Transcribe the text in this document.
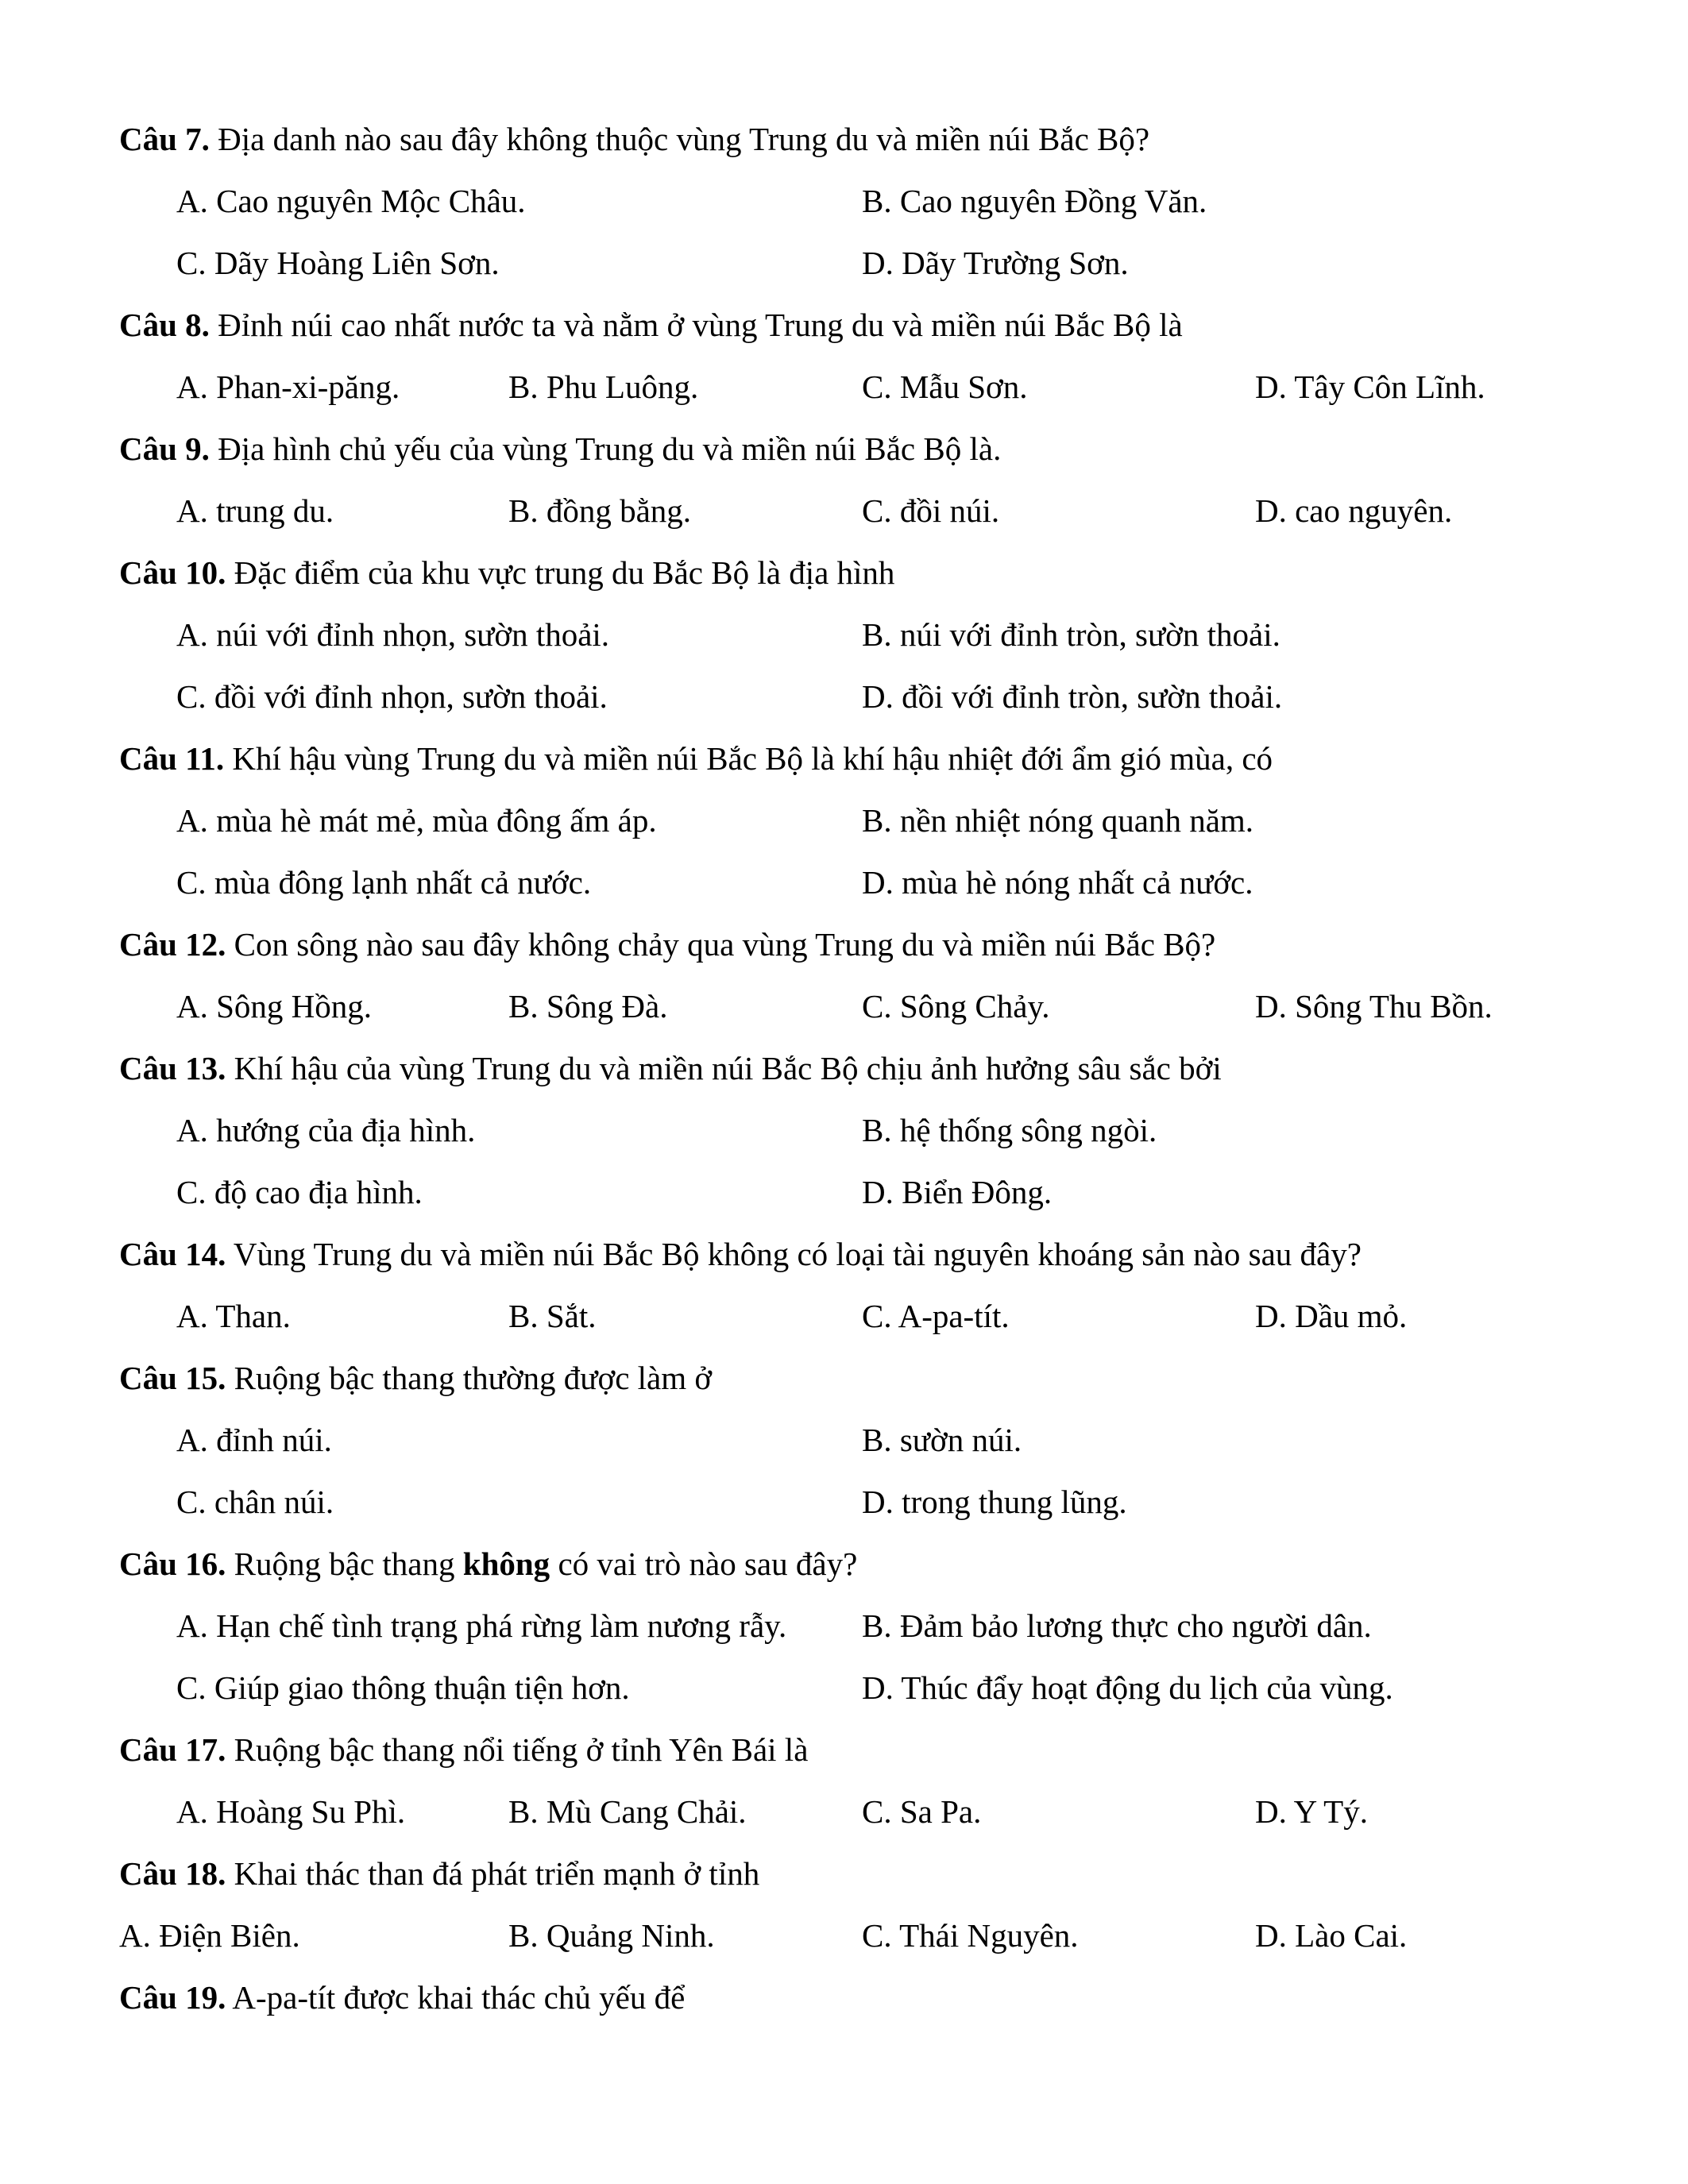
Câu 7. Địa danh nào sau đây không thuộc vùng Trung du và miền núi Bắc Bộ?
A. Cao nguyên Mộc Châu.	B. Cao nguyên Đồng Văn.
C. Dãy Hoàng Liên Sơn.	D. Dãy Trường Sơn.
Câu 8. Đỉnh núi cao nhất nước ta và nằm ở vùng Trung du và miền núi Bắc Bộ là
A. Phan-xi-păng.	B. Phu Luông.	C. Mẫu Sơn.	D. Tây Côn Lĩnh.
Câu 9. Địa hình chủ yếu của vùng Trung du và miền núi Bắc Bộ là.
A. trung du.	B. đồng bằng.	C. đồi núi.	D. cao nguyên.
Câu 10. Đặc điểm của khu vực trung du Bắc Bộ là địa hình
A. núi với đỉnh nhọn, sườn thoải.	B. núi với đỉnh tròn, sườn thoải.
C. đồi với đỉnh nhọn, sườn thoải.	D. đồi với đỉnh tròn, sườn thoải.
Câu 11. Khí hậu vùng Trung du và miền núi Bắc Bộ là khí hậu nhiệt đới ẩm gió mùa, có
A. mùa hè mát mẻ, mùa đông ấm áp.	B. nền nhiệt nóng quanh năm.
C. mùa đông lạnh nhất cả nước.	D. mùa hè nóng nhất cả nước.
Câu 12. Con sông nào sau đây không chảy qua vùng Trung du và miền núi Bắc Bộ?
A. Sông Hồng.	B. Sông Đà.	C. Sông Chảy.	D. Sông Thu Bồn.
Câu 13. Khí hậu của vùng Trung du và miền núi Bắc Bộ chịu ảnh hưởng sâu sắc bởi
A. hướng của địa hình.	B. hệ thống sông ngòi.
C. độ cao địa hình.	D. Biển Đông.
Câu 14. Vùng Trung du và miền núi Bắc Bộ không có loại tài nguyên khoáng sản nào sau đây?
A. Than.	B. Sắt.	C. A-pa-tít.	D. Dầu mỏ.
Câu 15. Ruộng bậc thang thường được làm ở
A. đỉnh núi.	B. sườn núi.
C. chân núi.	D. trong thung lũng.
Câu 16. Ruộng bậc thang không có vai trò nào sau đây?
A. Hạn chế tình trạng phá rừng làm nương rẫy. B. Đảm bảo lương thực cho người dân.
C. Giúp giao thông thuận tiện hơn.	D. Thúc đẩy hoạt động du lịch của vùng.
Câu 17. Ruộng bậc thang nổi tiếng ở tỉnh Yên Bái là
A. Hoàng Su Phì.	B. Mù Cang Chải.	C. Sa Pa.	D. Y Tý.
Câu 18. Khai thác than đá phát triển mạnh ở tỉnh
A. Điện Biên.	B. Quảng Ninh.	C. Thái Nguyên.	D. Lào Cai.
Câu 19. A-pa-tít được khai thác chủ yếu để
